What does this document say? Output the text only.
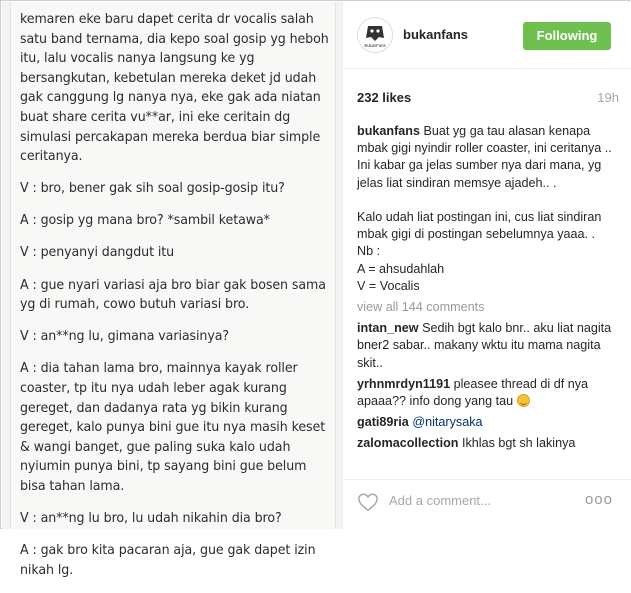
kemaren eke baru dapet cerita dr vocalis salah satu band ternama, dia kepo soal gosip yg heboh itu, lalu vocalis nanya langsung ke yg bersangkutan, kebetulan mereka deket jd udah gak canggung lg nanya nya, eke gak ada niatan buat share cerita vu**ar, ini eke ceritain dg simulasi percakapan mereka berdua biar simple ceritanya.

V : bro, bener gak sih soal gosip-gosip itu?

A : gosip yg mana bro? *sambil ketawa*

V : penyanyi dangdut itu

A : gue nyari variasi aja bro biar gak bosen sama yg di rumah, cowo butuh variasi bro.

V : an**ng lu, gimana variasinya?

A : dia tahan lama bro, mainnya kayak roller coaster, tp itu nya udah leber agak kurang gereget, dan dadanya rata yg bikin kurang gereget, kalo punya bini gue itu nya masih keset & wangi banget, gue paling suka kalo udah nyiumin punya bini, tp sayang bini gue belum bisa tahan lama.

V : an**ng lu bro, lu udah nikahin dia bro?

A : gak bro kita pacaran aja, gue gak dapet izin nikah lg.

BukanFans
bukanfans	Following
232 likes	19h
bukanfans Buat yg ga tau alasan kenapa mbak gigi nyindir roller coaster, ini ceritanya ..
Ini kabar ga jelas sumber nya dari mana, yg jelas liat sindiran memsye ajadeh.. .

Kalo udah liat postingan ini, cus liat sindiran mbak gigi di postingan sebelumnya yaaa. .
Nb :
A = ahsudahlah
V = Vocalis
view all 144 comments
intan_new Sedih bgt kalo bnr.. aku liat nagita bner2 sabar.. makany wktu itu mama nagita skit..
yrhnmrdyn1191 pleasee thread di df nya apaaa?? info dong yang tau
gati89ria @nitarysaka
zalomacollection Ikhlas bgt sh lakinya
Add a comment...	ooo
